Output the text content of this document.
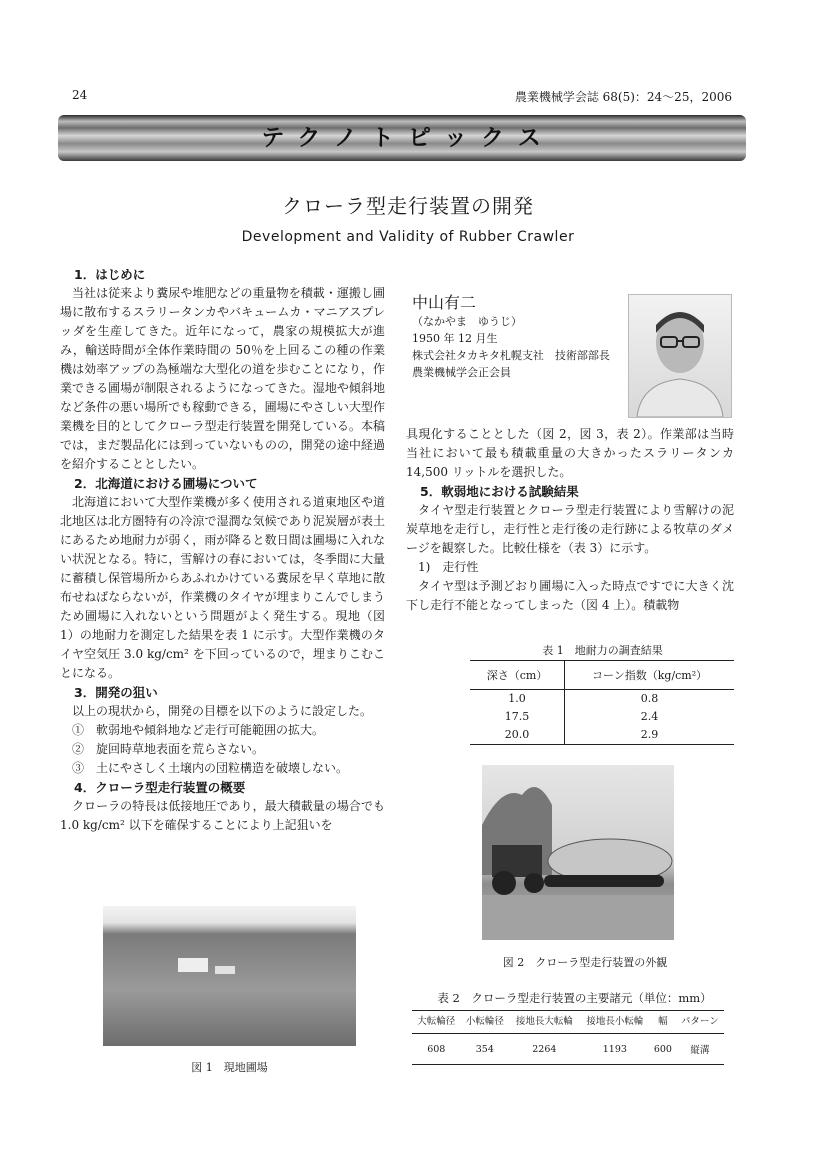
24	農業機械学会誌 68(5)：24～25，2006
テクノトピックス
クローラ型走行装置の開発
Development and Validity of Rubber Crawler

1．はじめに

当社は従来より糞尿や堆肥などの重量物を積載・運搬し圃場に散布するスラリータンカやバキュームカ・マニアスプレッダを生産してきた。近年になって，農家の規模拡大が進み，輸送時間が全体作業時間の 50％を上回るこの種の作業機は効率アップの為極端な大型化の道を歩むことになり，作業できる圃場が制限されるようになってきた。湿地や傾斜地など条件の悪い場所でも稼動できる，圃場にやさしい大型作業機を目的としてクローラ型走行装置を開発している。本稿では，まだ製品化には到っていないものの，開発の途中経過を紹介することとしたい。

2．北海道における圃場について

北海道において大型作業機が多く使用される道東地区や道北地区は北方圏特有の冷涼で湿潤な気候であり泥炭層が表土にあるため地耐力が弱く，雨が降ると数日間は圃場に入れない状況となる。特に，雪解けの春においては，冬季間に大量に蓄積し保管場所からあふれかけている糞尿を早く草地に散布せねばならないが，作業機のタイヤが埋まりこんでしまうため圃場に入れないという問題がよく発生する。現地（図 1）の地耐力を測定した結果を表 1 に示す。大型作業機のタイヤ空気圧 3.0 kg/cm² を下回っているので，埋まりこむことになる。

3．開発の狙い

以上の現状から，開発の目標を以下のように設定した。

①　軟弱地や傾斜地など走行可能範囲の拡大。

②　旋回時草地表面を荒らさない。

③　土にやさしく土壌内の団粒構造を破壊しない。

4．クローラ型走行装置の概要

クローラの特長は低接地圧であり，最大積載量の場合でも 1.0 kg/cm² 以下を確保することにより上記狙いを

中山有二
（なかやま　ゆうじ）
1950 年 12 月生
株式会社タカキタ札幌支社　技術部部長
農業機械学会正会員

具現化することとした（図 2，図 3，表 2）。作業部は当時当社において最も積載重量の大きかったスラリータンカ 14,500 リットルを選択した。

5．軟弱地における試験結果

タイヤ型走行装置とクローラ型走行装置により雪解けの泥炭草地を走行し，走行性と走行後の走行跡による牧草のダメージを観察した。比較仕様を（表 3）に示す。

1)　走行性

タイヤ型は予測どおり圃場に入った時点ですでに大きく沈下し走行不能となってしまった（図 4 上）。積載物

表 1　地耐力の調査結果
深さ（cm）	コーン指数（kg/cm²）
1.0	0.8
17.5	2.4
20.0	2.9
図 2　クローラ型走行装置の外観
図 1　現地圃場
表 2　クローラ型走行装置の主要諸元（単位：mm）
大転輪径	小転輪径	接地長大転輪	接地長小転輪	幅	パターン
608	354	2264	1193	600	縦溝
